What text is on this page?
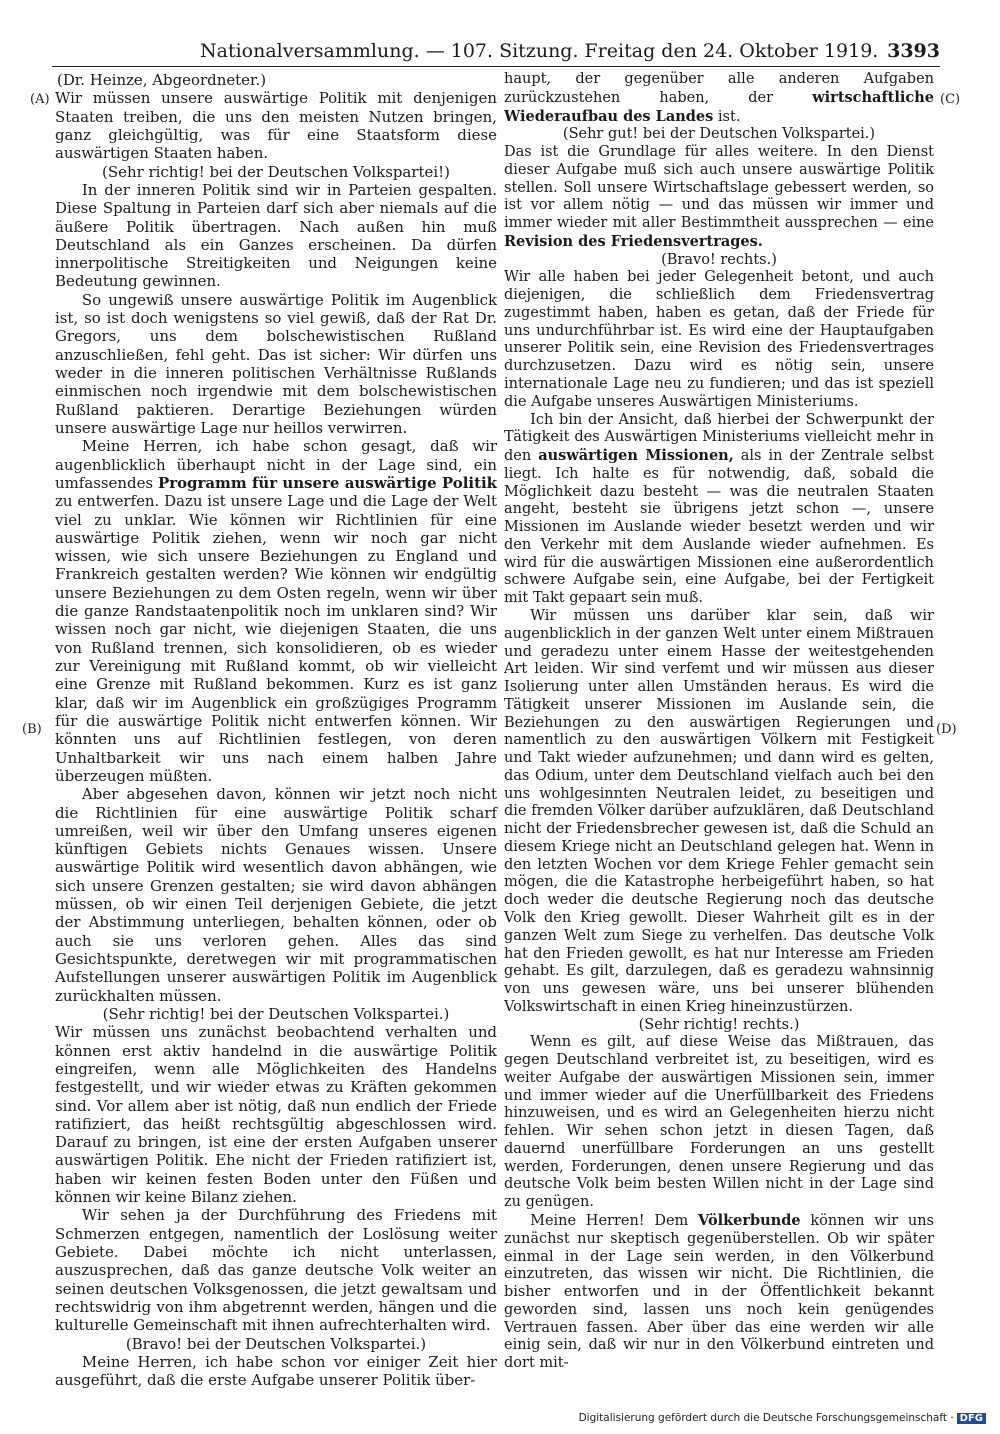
Nationalversammlung. — 107. Sitzung. Freitag den 24. Oktober 1919. 3393
(A)
(B)
(C)
(D)

(Dr. Heinze, Abgeordneter.)

Wir müssen unsere auswärtige Politik mit denjenigen Staaten treiben, die uns den meisten Nutzen bringen, ganz gleichgültig, was für eine Staatsform diese auswärtigen Staaten haben.

(Sehr richtig! bei der Deutschen Volkspartei!)

In der inneren Politik sind wir in Parteien gespalten. Diese Spaltung in Parteien darf sich aber niemals auf die äußere Politik übertragen. Nach außen hin muß Deutschland als ein Ganzes erscheinen. Da dürfen innerpolitische Streitigkeiten und Neigungen keine Bedeutung gewinnen.

So ungewiß unsere auswärtige Politik im Augenblick ist, so ist doch wenigstens so viel gewiß, daß der Rat Dr. Gregors, uns dem bolschewistischen Rußland anzuschließen, fehl geht. Das ist sicher: Wir dürfen uns weder in die inneren politischen Verhältnisse Rußlands einmischen noch irgendwie mit dem bolschewistischen Rußland paktieren. Derartige Beziehungen würden unsere auswärtige Lage nur heillos verwirren.

Meine Herren, ich habe schon gesagt, daß wir augenblicklich überhaupt nicht in der Lage sind, ein umfassendes Programm für unsere auswärtige Politik zu entwerfen. Dazu ist unsere Lage und die Lage der Welt viel zu unklar. Wie können wir Richtlinien für eine auswärtige Politik ziehen, wenn wir noch gar nicht wissen, wie sich unsere Beziehungen zu England und Frankreich gestalten werden? Wie können wir endgültig unsere Beziehungen zu dem Osten regeln, wenn wir über die ganze Randstaatenpolitik noch im unklaren sind? Wir wissen noch gar nicht, wie diejenigen Staaten, die uns von Rußland trennen, sich konsolidieren, ob es wieder zur Vereinigung mit Rußland kommt, ob wir vielleicht eine Grenze mit Rußland bekommen. Kurz es ist ganz klar, daß wir im Augenblick ein großzügiges Programm für die auswärtige Politik nicht entwerfen können. Wir könnten uns auf Richtlinien festlegen, von deren Unhaltbarkeit wir uns nach einem halben Jahre überzeugen müßten.

Aber abgesehen davon, können wir jetzt noch nicht die Richtlinien für eine auswärtige Politik scharf umreißen, weil wir über den Umfang unseres eigenen künftigen Gebiets nichts Genaues wissen. Unsere auswärtige Politik wird wesentlich davon abhängen, wie sich unsere Grenzen gestalten; sie wird davon abhängen müssen, ob wir einen Teil derjenigen Gebiete, die jetzt der Abstimmung unterliegen, behalten können, oder ob auch sie uns verloren gehen. Alles das sind Gesichtspunkte, deretwegen wir mit programmatischen Aufstellungen unserer auswärtigen Politik im Augenblick zurückhalten müssen.

(Sehr richtig! bei der Deutschen Volkspartei.)

Wir müssen uns zunächst beobachtend verhalten und können erst aktiv handelnd in die auswärtige Politik eingreifen, wenn alle Möglichkeiten des Handelns festgestellt, und wir wieder etwas zu Kräften gekommen sind. Vor allem aber ist nötig, daß nun endlich der Friede ratifiziert, das heißt rechtsgültig abgeschlossen wird. Darauf zu bringen, ist eine der ersten Aufgaben unserer auswärtigen Politik. Ehe nicht der Frieden ratifiziert ist, haben wir keinen festen Boden unter den Füßen und können wir keine Bilanz ziehen.

Wir sehen ja der Durchführung des Friedens mit Schmerzen entgegen, namentlich der Loslösung weiter Gebiete. Dabei möchte ich nicht unterlassen, auszusprechen, daß das ganze deutsche Volk weiter an seinen deutschen Volksgenossen, die jetzt gewaltsam und rechtswidrig von ihm abgetrennt werden, hängen und die kulturelle Gemeinschaft mit ihnen aufrechterhalten wird.

(Bravo! bei der Deutschen Volkspartei.)

Meine Herren, ich habe schon vor einiger Zeit hier ausgeführt, daß die erste Aufgabe unserer Politik über-

haupt, der gegenüber alle anderen Aufgaben zurückzustehen haben, der	wirtschaftliche Wiederaufbau des Landes ist.

(Sehr gut! bei der Deutschen Volkspartei.)

Das ist die Grundlage für alles weitere. In den Dienst dieser Aufgabe muß sich auch unsere auswärtige Politik stellen. Soll unsere Wirtschaftslage gebessert werden, so ist vor allem nötig — und das müssen wir immer und immer wieder mit aller Bestimmtheit aussprechen — eine Revision des Friedensvertrages.

(Bravo! rechts.)

Wir alle haben bei jeder Gelegenheit betont, und auch diejenigen, die schließlich dem Friedensvertrag zugestimmt haben, haben es getan, daß der Friede für uns undurchführbar ist. Es wird eine der Hauptaufgaben unserer Politik sein, eine Revision des Friedensvertrages durchzusetzen. Dazu wird es nötig sein, unsere internationale Lage neu zu fundieren; und das ist speziell die Aufgabe unseres Auswärtigen Ministeriums.

Ich bin der Ansicht, daß hierbei der Schwerpunkt der Tätigkeit des Auswärtigen Ministeriums vielleicht mehr in den auswärtigen Missionen, als in der Zentrale selbst liegt. Ich halte es für notwendig, daß, sobald die Möglichkeit dazu besteht — was die neutralen Staaten angeht, besteht sie übrigens jetzt schon —, unsere Missionen im Auslande wieder besetzt werden und wir den Verkehr mit dem Auslande wieder aufnehmen. Es wird für die auswärtigen Missionen eine außerordentlich schwere Aufgabe sein, eine Aufgabe, bei der Fertigkeit mit Takt gepaart sein muß.

Wir müssen uns darüber klar sein, daß wir augenblicklich in der ganzen Welt unter einem Mißtrauen und geradezu unter einem Hasse der weitestgehenden Art leiden. Wir sind verfemt und wir müssen aus dieser Isolierung unter allen Umständen heraus. Es wird die Tätigkeit unserer Missionen im Auslande sein, die Beziehungen zu den auswärtigen Regierungen und namentlich zu den auswärtigen Völkern mit Festigkeit und Takt wieder aufzunehmen; und dann wird es gelten, das Odium, unter dem Deutschland vielfach auch bei den uns wohlgesinnten Neutralen leidet, zu beseitigen und die fremden Völker darüber aufzuklären, daß Deutschland nicht der Friedensbrecher gewesen ist, daß die Schuld an diesem Kriege nicht an Deutschland gelegen hat. Wenn in den letzten Wochen vor dem Kriege Fehler gemacht sein mögen, die die Katastrophe herbeigeführt haben, so hat doch weder die deutsche Regierung noch das deutsche Volk den Krieg gewollt. Dieser Wahrheit gilt es in der ganzen Welt zum Siege zu verhelfen. Das deutsche Volk hat den Frieden gewollt, es hat nur Interesse am Frieden gehabt. Es gilt, darzulegen, daß es geradezu wahnsinnig von uns gewesen wäre, uns bei unserer blühenden Volkswirtschaft in einen Krieg hineinzustürzen.

(Sehr richtig! rechts.)

Wenn es gilt, auf diese Weise das Mißtrauen, das gegen Deutschland verbreitet ist, zu beseitigen, wird es weiter Aufgabe der auswärtigen Missionen sein, immer und immer wieder auf die Unerfüllbarkeit des Friedens hinzuweisen, und es wird an Gelegenheiten hierzu nicht fehlen. Wir sehen schon jetzt in diesen Tagen, daß dauernd unerfüllbare Forderungen an uns gestellt werden, Forderungen, denen unsere Regierung und das deutsche Volk beim besten Willen nicht in der Lage sind zu genügen.

Meine Herren! Dem Völkerbunde können wir uns zunächst nur skeptisch gegenüberstellen. Ob wir später einmal in der Lage sein werden, in den Völkerbund einzutreten, das wissen wir nicht. Die Richtlinien, die bisher entworfen und in der Öffentlichkeit bekannt geworden sind, lassen uns noch kein genügendes Vertrauen fassen. Aber über das eine werden wir alle einig sein, daß wir nur in den Völkerbund eintreten und dort mit-

Digitalisierung gefördert durch die Deutsche Forschungsgemeinschaft · DFG
